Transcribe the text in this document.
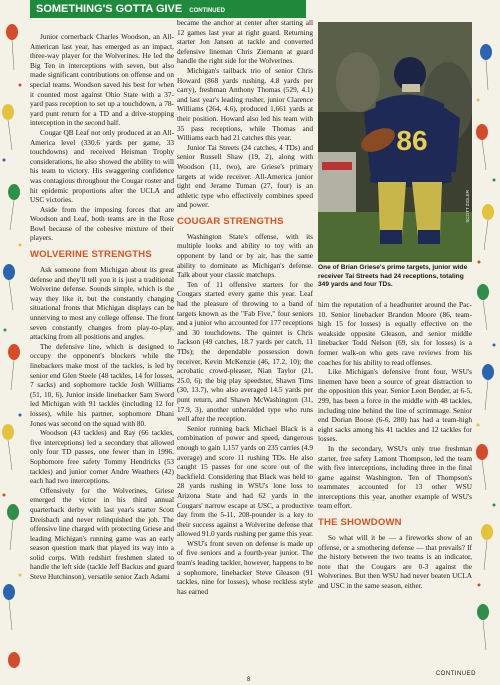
SOMETHING'S GOTTA GIVE CONTINUED

Junior cornerback Charles Woodson, an All-American last year, has emerged as an impact, three-way player for the Wolverines. He led the Big Ten in interceptions with seven, but also made significant contributions on offense and on special teams. Woodson saved his best for when it counted most against Ohio State with a 37-yard pass reception to set up a touchdown, a 78-yard punt return for a TD and a drive-stopping interception in the second half.

Cougar QB Leaf not only produced at an All-America level (330.6 yards per game, 33 touchdowns) and received Heisman Trophy considerations, he also showed the ability to will his team to victory. His swaggering confidence was contagious throughout the Cougar roster and hit epidemic proportions after the UCLA and USC victories.

Aside from the imposing forces that are Woodson and Leaf, both teams are in the Rose Bowl because of the cohesive mixture of their players.

WOLVERINE STRENGTHS

Ask someone from Michigan about its great defense and they'll tell you it is just a traditional Wolverine defense. Sounds simple, which is the way they like it, but the constantly changing situational fronts that Michigan displays can be unnerving to most any college offense. The front seven constantly changes from play-to-play, attacking from all positions and angles.

The defensive line, which is designed to occupy the opponent's blockers while the linebackers make most of the tackles, is led by senior end Glen Steele (48 tackles, 14 for losses, 7 sacks) and sophomore tackle Josh Williams (51, 10, 6). Junior inside linebacker Sam Sword led Michigan with 91 tackles (including 12 for losses), while his partner, sophomore Dhani Jones was second on the squad with 80.

Woodson (43 tackles) and Ray (66 tackles, five interceptions) led a secondary that allowed only four TD passes, one fewer than in 1996. Sophomore free safety Tommy Hendricks (53 tackles) and junior corner Andre Weathers (42) each had two interceptions.

Offensively for the Wolverines, Griese emerged the victor in his third annual quarterback derby with last year's starter Scott Dreisbach and never relinquished the job. The offensive line charged with protecting Griese and leading Michigan's running game was an early season question mark that played its way into a solid corps. With redshirt freshmen slated to handle the left side (tackle Jeff Backus and guard Steve Hutchinson), versatile senior Zach Adami

became the anchor at center after starting all 12 games last year at right guard. Returning starter Jon Jansen at tackle and converted defensive lineman Chris Ziemann at guard handle the right side for the Wolverines.

Michigan's tailback trio of senior Chris Howard (868 yards rushing, 4.8 yards per carry), freshman Anthony Thomas (529, 4.1) and last year's leading rusher, junior Clarence Williams (264, 4.6), produced 1,661 yards at their position. Howard also led his team with 35 pass receptions, while Thomas and Williams each had 21 catches this year.

Junior Tai Streets (24 catches, 4 TDs) and senior Russell Shaw (19, 2), along with Woodson (11, two), are Griese's primary targets at wide receiver. All-America junior tight end Jerame Tuman (27, four) is an athletic type who effectively combines speed and power.

COUGAR STRENGTHS

Washington State's offense, with its multiple looks and ability to toy with an opponent by land or by air, has the same ability to dominate as Michigan's defense. Talk about your classic matchups.

Ten of 11 offensive starters for the Cougars started every game this year. Leaf had the pleasure of throwing to a band of targets known as the "Fab Five," four seniors and a junior who accounted for 177 receptions and 30 touchdowns. The quintet is Chris Jackson (49 catches, 18.7 yards per catch, 11 TDs); the dependable possession down receiver, Kevin McKenzie (46, 17.2, 10); the acrobatic crowd-pleaser, Nian Taylor (21, 25.0, 6); the big play speedster, Shawn Tims (30, 13.7), who also averaged 14.5 yards per punt return, and Shawn McWashington (31, 17.9, 3), another unheralded type who runs well after the reception.

Senior running back Michael Black is a combination of power and speed, dangerous enough to gain 1,157 yards on 235 carries (4.9 average) and score 11 rushing TDs. He also caught 15 passes for one score out of the backfield. Considering that Black was held to 28 yards rushing in WSU's lone loss to Arizona State and had 62 yards in the Cougars' narrow escape at USC, a productive day from the 5-11, 208-pounder is a key to their success against a Wolverine defense that allowed 91.0 yards rushing per game this year.

WSU's front seven on defense is made up of five seniors and a fourth-year junior. The team's leading tackler, however, happens to be a sophomore, linebacker Steve Gleason (91 tackles, nine for losses), whose reckless style has earned

86
SCOTT ZIGLER
One of Brian Griese's prime targets, junior wide receiver Tai Streets had 24 receptions, totaling 349 yards and four TDs.

him the reputation of a headhunter around the Pac-10. Senior linebacker Brandon Moore (86, team-high 15 for losses) is equally effective on the weakside opposite Gleason, and senior middle linebacker Todd Nelson (69, six for losses) is a former walk-on who gets rave reviews from his coaches for his ability to read offenses.

Like Michigan's defensive front four, WSU's linemen have been a source of great distraction to the opposition this year. Senior Leon Bender, at 6-5, 299, has been a force in the middle with 48 tackles, including nine behind the line of scrimmage. Senior end Dorian Boose (6-6, 280) has had a team-high eight sacks among his 41 tackles and 12 tackles for losses.

In the secondary, WSU's only true freshman starter, free safety Lamont Thompson, led the team with five interceptions, including three in the final game against Washington. Ten of Thompson's teammates accounted for 13 other WSU interceptions this year, another example of WSU's team effort.

THE SHOWDOWN

So what will it be — a fireworks show of an offense, or a smothering defense — that prevails? If the history between the two teams is an indicator, note that the Cougars are 0-3 against the Wolverines. But then WSU had never beaten UCLA and USC in the same season, either.

CONTINUED
8
